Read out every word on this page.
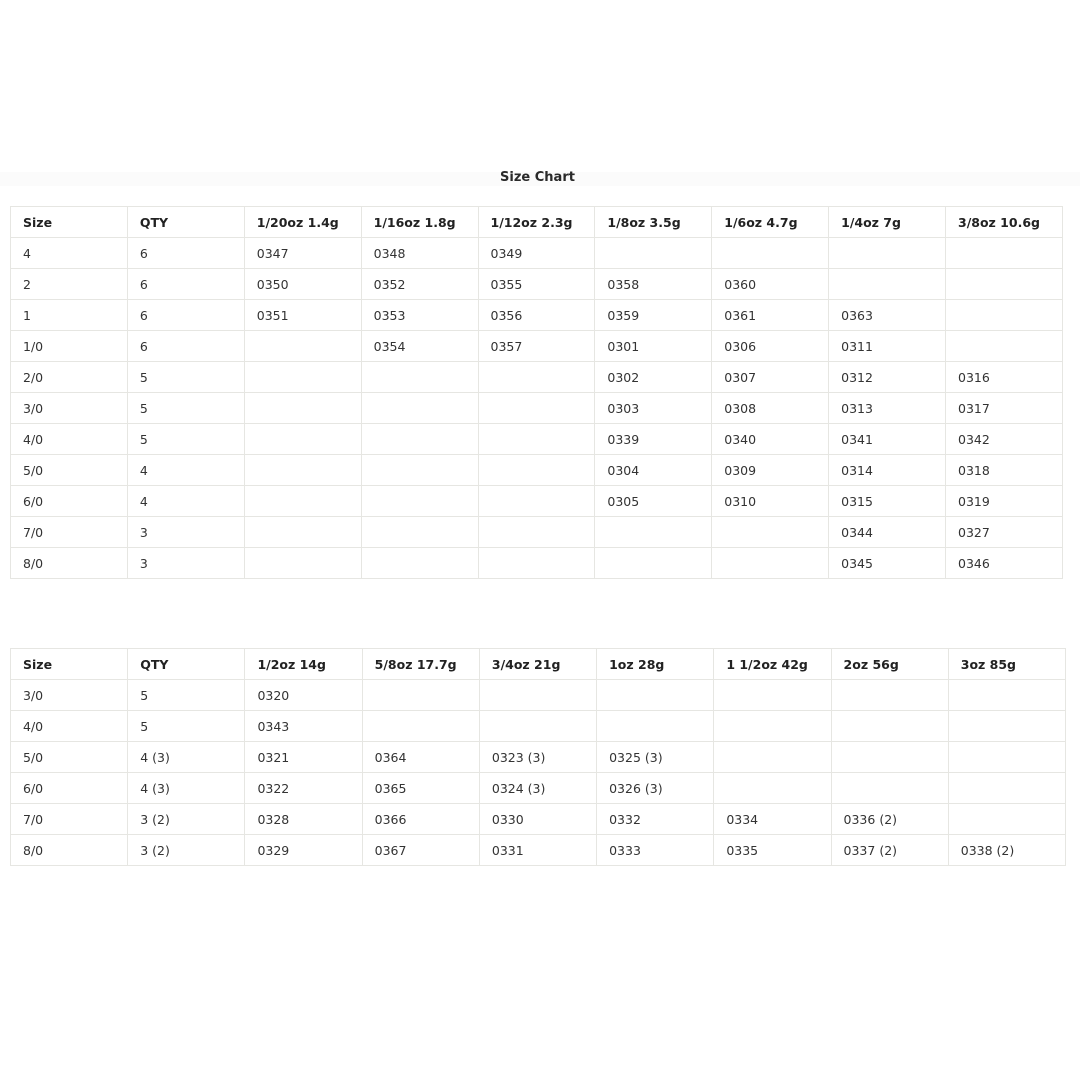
Size Chart
Size	QTY	1/20oz 1.4g	1/16oz 1.8g	1/12oz 2.3g	1/8oz 3.5g	1/6oz 4.7g	1/4oz 7g	3/8oz 10.6g
4	6	0347	0348	0349				
2	6	0350	0352	0355	0358	0360		
1	6	0351	0353	0356	0359	0361	0363	
1/0	6		0354	0357	0301	0306	0311	
2/0	5				0302	0307	0312	0316
3/0	5				0303	0308	0313	0317
4/0	5				0339	0340	0341	0342
5/0	4				0304	0309	0314	0318
6/0	4				0305	0310	0315	0319
7/0	3						0344	0327
8/0	3						0345	0346
Size	QTY	1/2oz 14g	5/8oz 17.7g	3/4oz 21g	1oz 28g	1 1/2oz 42g	2oz 56g	3oz 85g
3/0	5	0320						
4/0	5	0343						
5/0	4 (3)	0321	0364	0323 (3)	0325 (3)			
6/0	4 (3)	0322	0365	0324 (3)	0326 (3)			
7/0	3 (2)	0328	0366	0330	0332	0334	0336 (2)	
8/0	3 (2)	0329	0367	0331	0333	0335	0337 (2)	0338 (2)
